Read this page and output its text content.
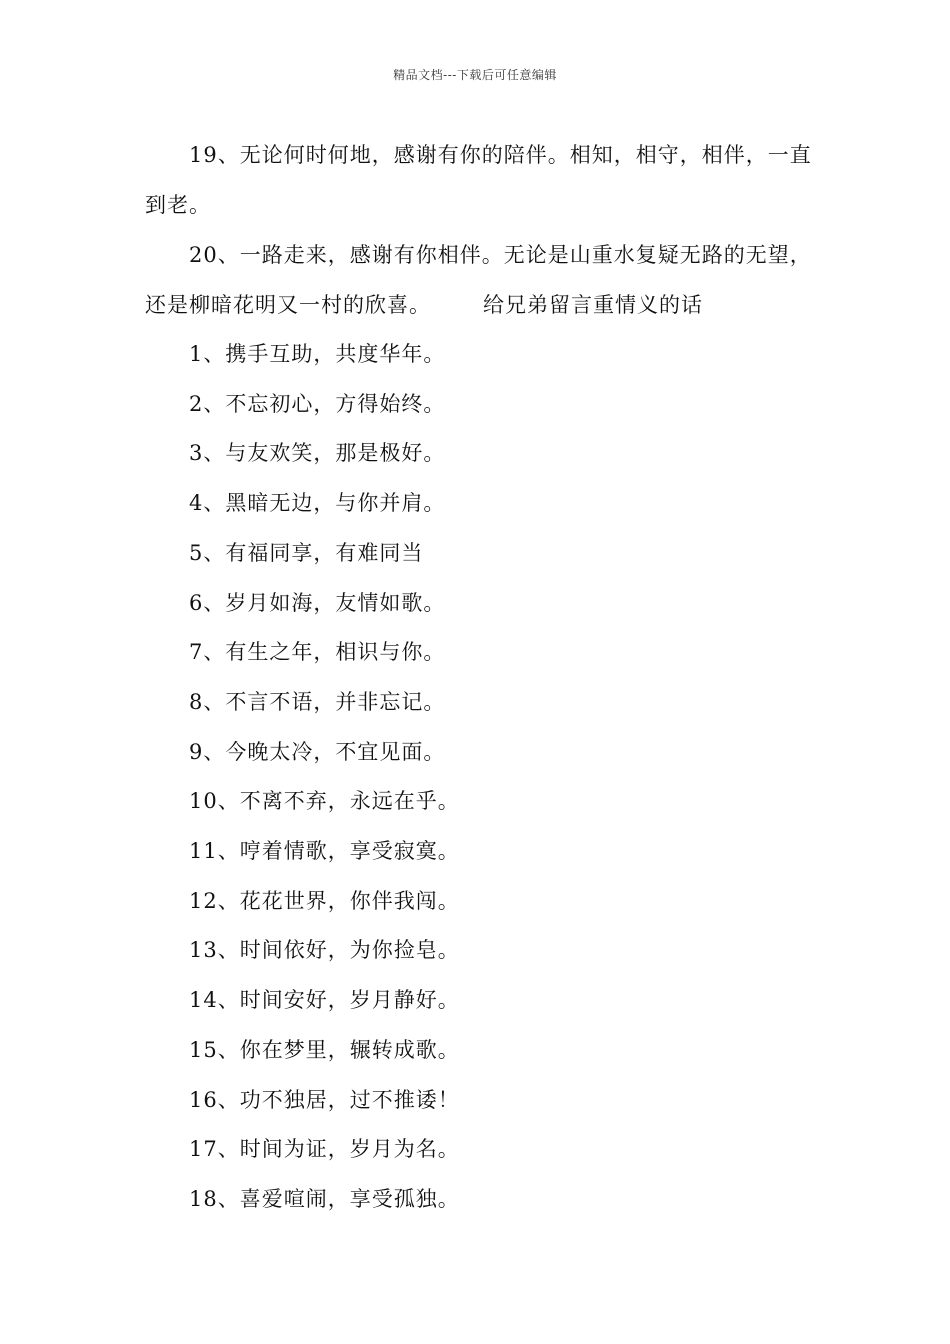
精品文档---下载后可任意编辑

19、无论何时何地，感谢有你的陪伴。相知，相守，相伴，一直到老。

20、一路走来，感谢有你相伴。无论是山重水复疑无路的无望，还是柳暗花明又一村的欣喜。 给兄弟留言重情义的话

1、携手互助，共度华年。
2、不忘初心，方得始终。
3、与友欢笑，那是极好。
4、黑暗无边，与你并肩。
5、有福同享，有难同当
6、岁月如海，友情如歌。
7、有生之年，相识与你。
8、不言不语，并非忘记。
9、今晚太冷，不宜见面。
10、不离不弃，永远在乎。
11、哼着情歌，享受寂寞。
12、花花世界，你伴我闯。
13、时间依好，为你捡皂。
14、时间安好，岁月静好。
15、你在梦里，辗转成歌。
16、功不独居，过不推诿！
17、时间为证，岁月为名。
18、喜爱喧闹，享受孤独。
